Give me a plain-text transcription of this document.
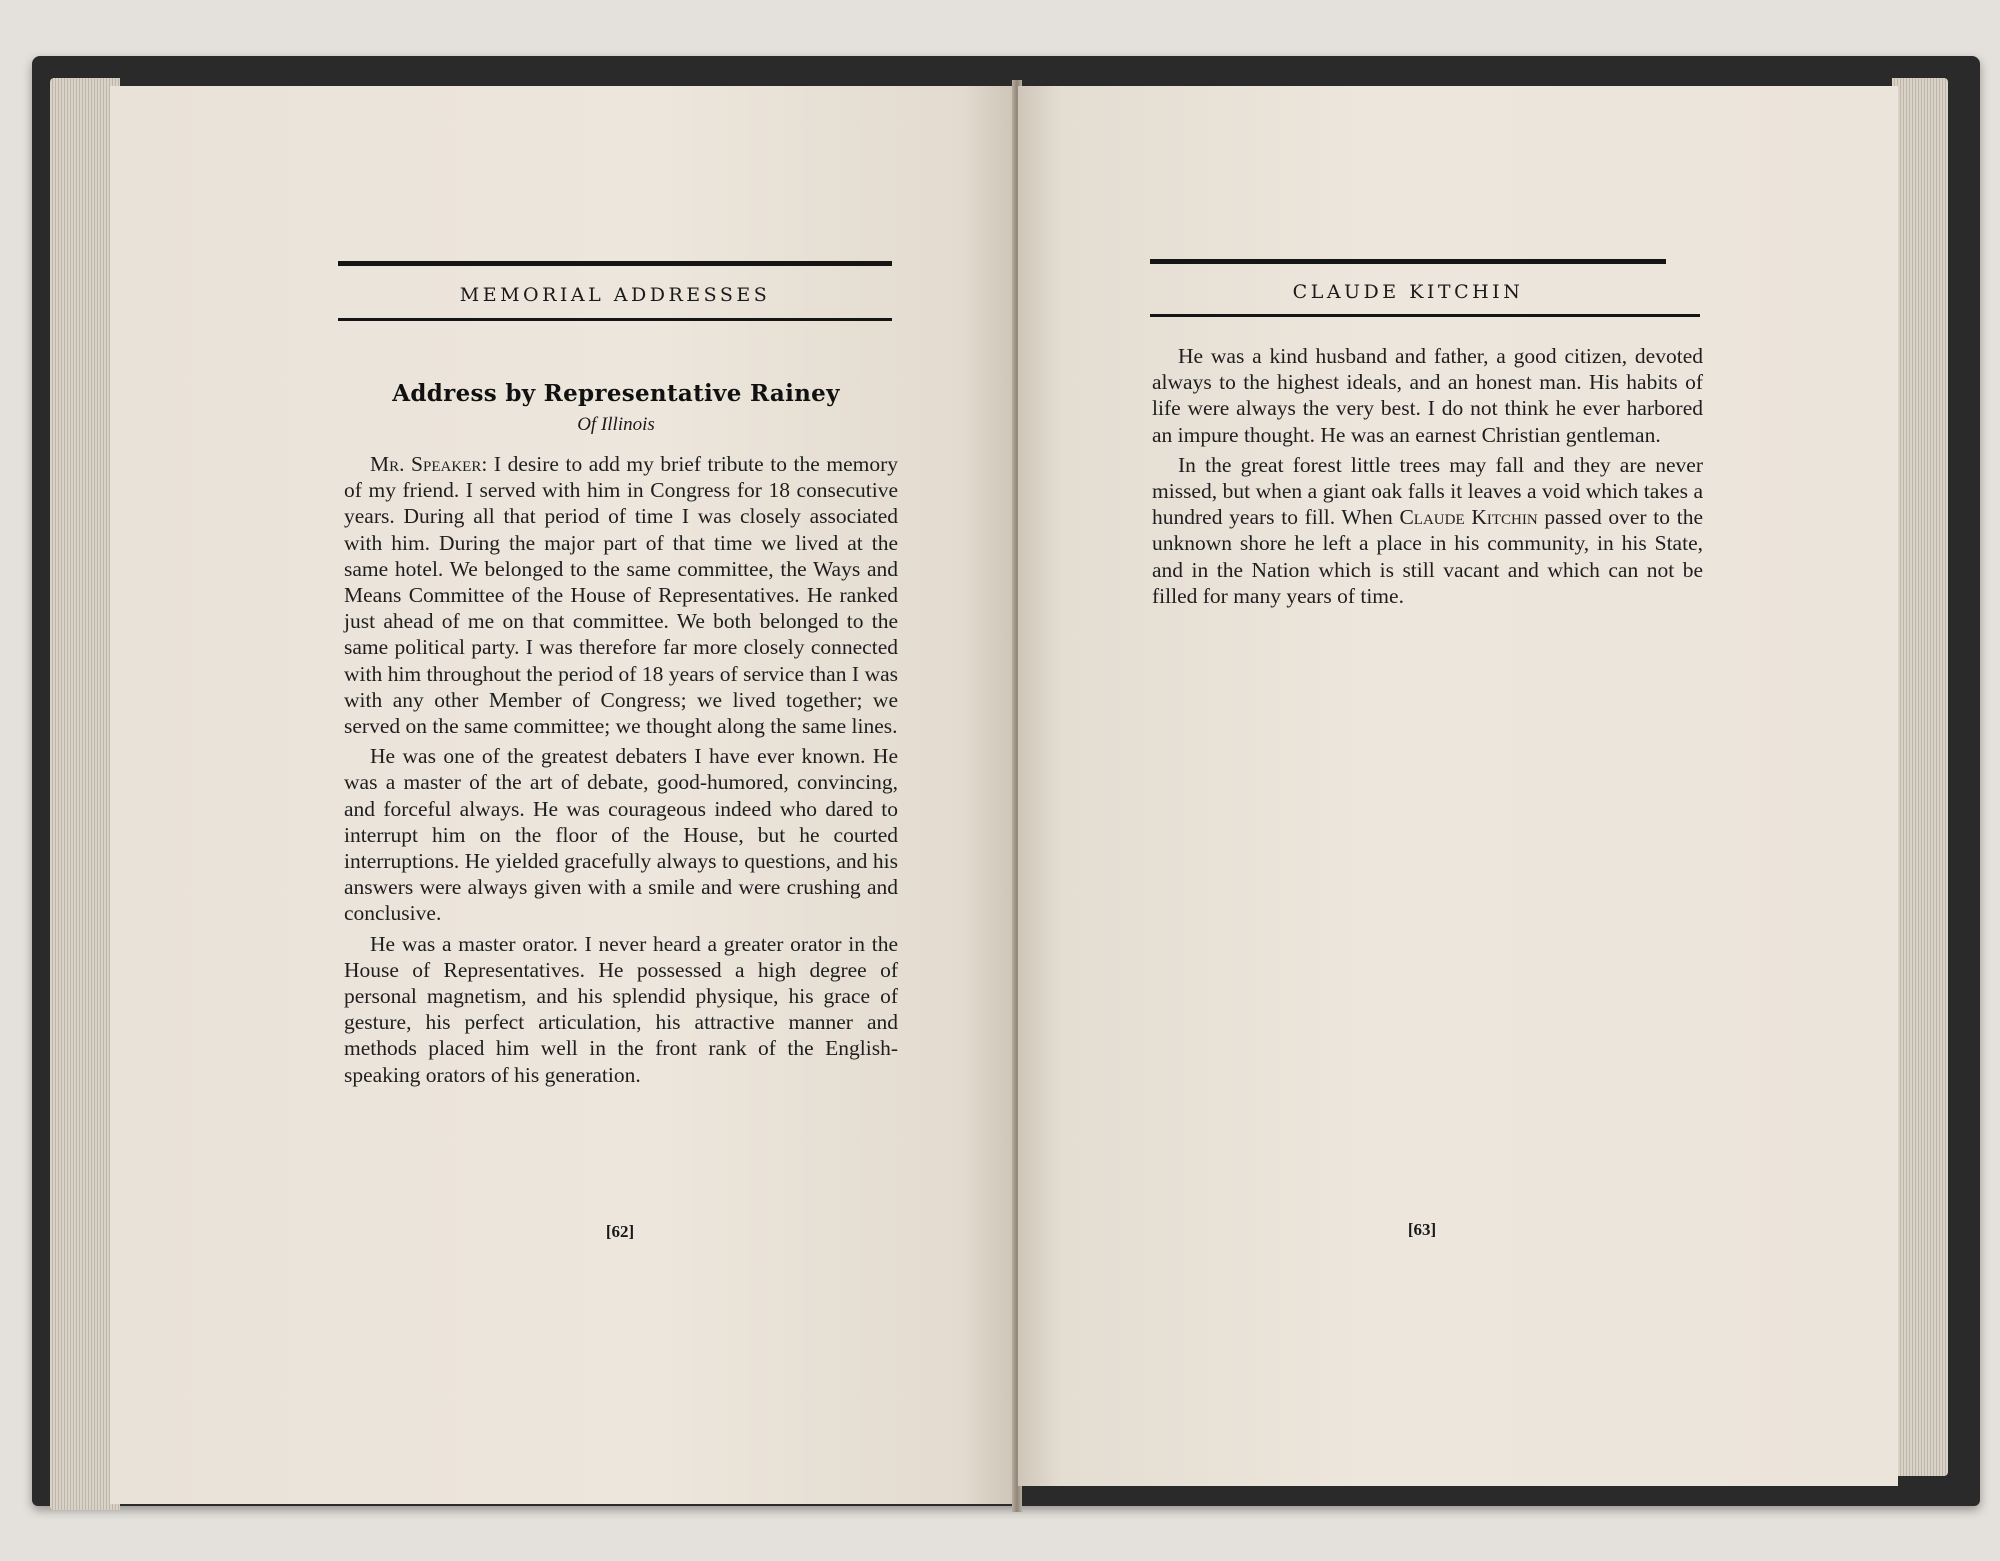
MEMORIAL ADDRESSES
Address by Representative Rainey
Of Illinois

Mr. Speaker: I desire to add my brief tribute to the memory of my friend. I served with him in Congress for 18 consecutive years. During all that period of time I was closely associated with him. During the major part of that time we lived at the same hotel. We belonged to the same committee, the Ways and Means Committee of the House of Representatives. He ranked just ahead of me on that committee. We both belonged to the same political party. I was therefore far more closely connected with him throughout the period of 18 years of service than I was with any other Member of Congress; we lived together; we served on the same committee; we thought along the same lines.

He was one of the greatest debaters I have ever known. He was a master of the art of debate, good-humored, convincing, and forceful always. He was courageous indeed who dared to interrupt him on the floor of the House, but he courted interruptions. He yielded gracefully always to questions, and his answers were always given with a smile and were crushing and conclusive.

He was a master orator. I never heard a greater orator in the House of Representatives. He possessed a high degree of personal magnetism, and his splendid physique, his grace of gesture, his perfect articulation, his attractive manner and methods placed him well in the front rank of the English-speaking orators of his generation.

[62]
CLAUDE KITCHIN

He was a kind husband and father, a good citizen, devoted always to the highest ideals, and an honest man. His habits of life were always the very best. I do not think he ever harbored an impure thought. He was an earnest Christian gentleman.

In the great forest little trees may fall and they are never missed, but when a giant oak falls it leaves a void which takes a hundred years to fill. When Claude Kitchin passed over to the unknown shore he left a place in his community, in his State, and in the Nation which is still vacant and which can not be filled for many years of time.

[63]
